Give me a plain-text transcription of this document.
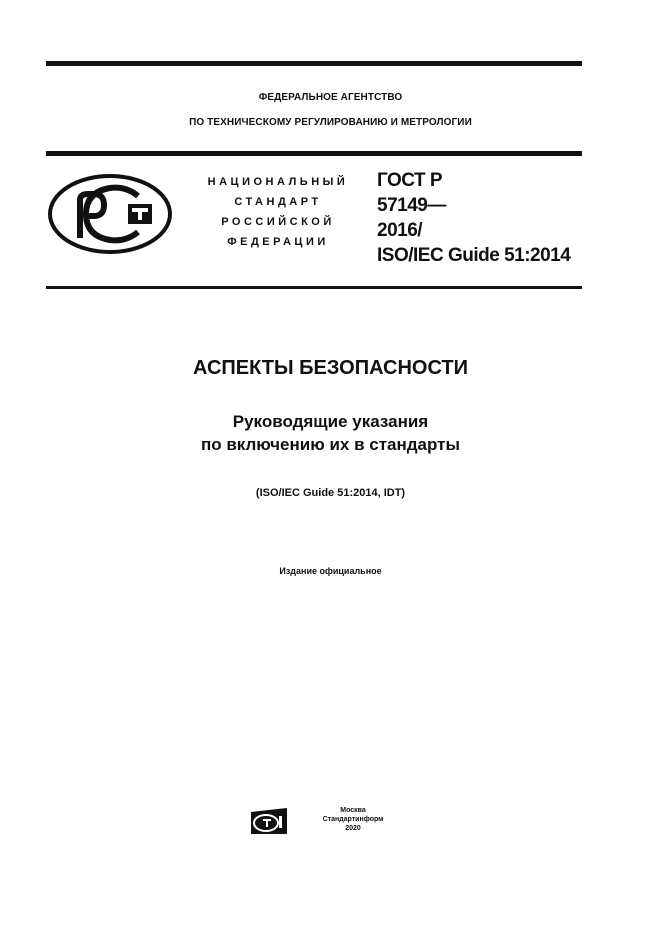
ФЕДЕРАЛЬНОЕ АГЕНТСТВО
ПО ТЕХНИЧЕСКОМУ РЕГУЛИРОВАНИЮ И МЕТРОЛОГИИ
НАЦИОНАЛЬНЫЙ
СТАНДАРТ
РОССИЙСКОЙ
ФЕДЕРАЦИИ
ГОСТ Р
57149—
2016/
ISO/IEC Guide 51:2014
АСПЕКТЫ БЕЗОПАСНОСТИ
Руководящие указания
по включению их в стандарты
(ISO/IEC Guide 51:2014, IDT)
Издание официальное
Москва
Стандартинформ
2020
